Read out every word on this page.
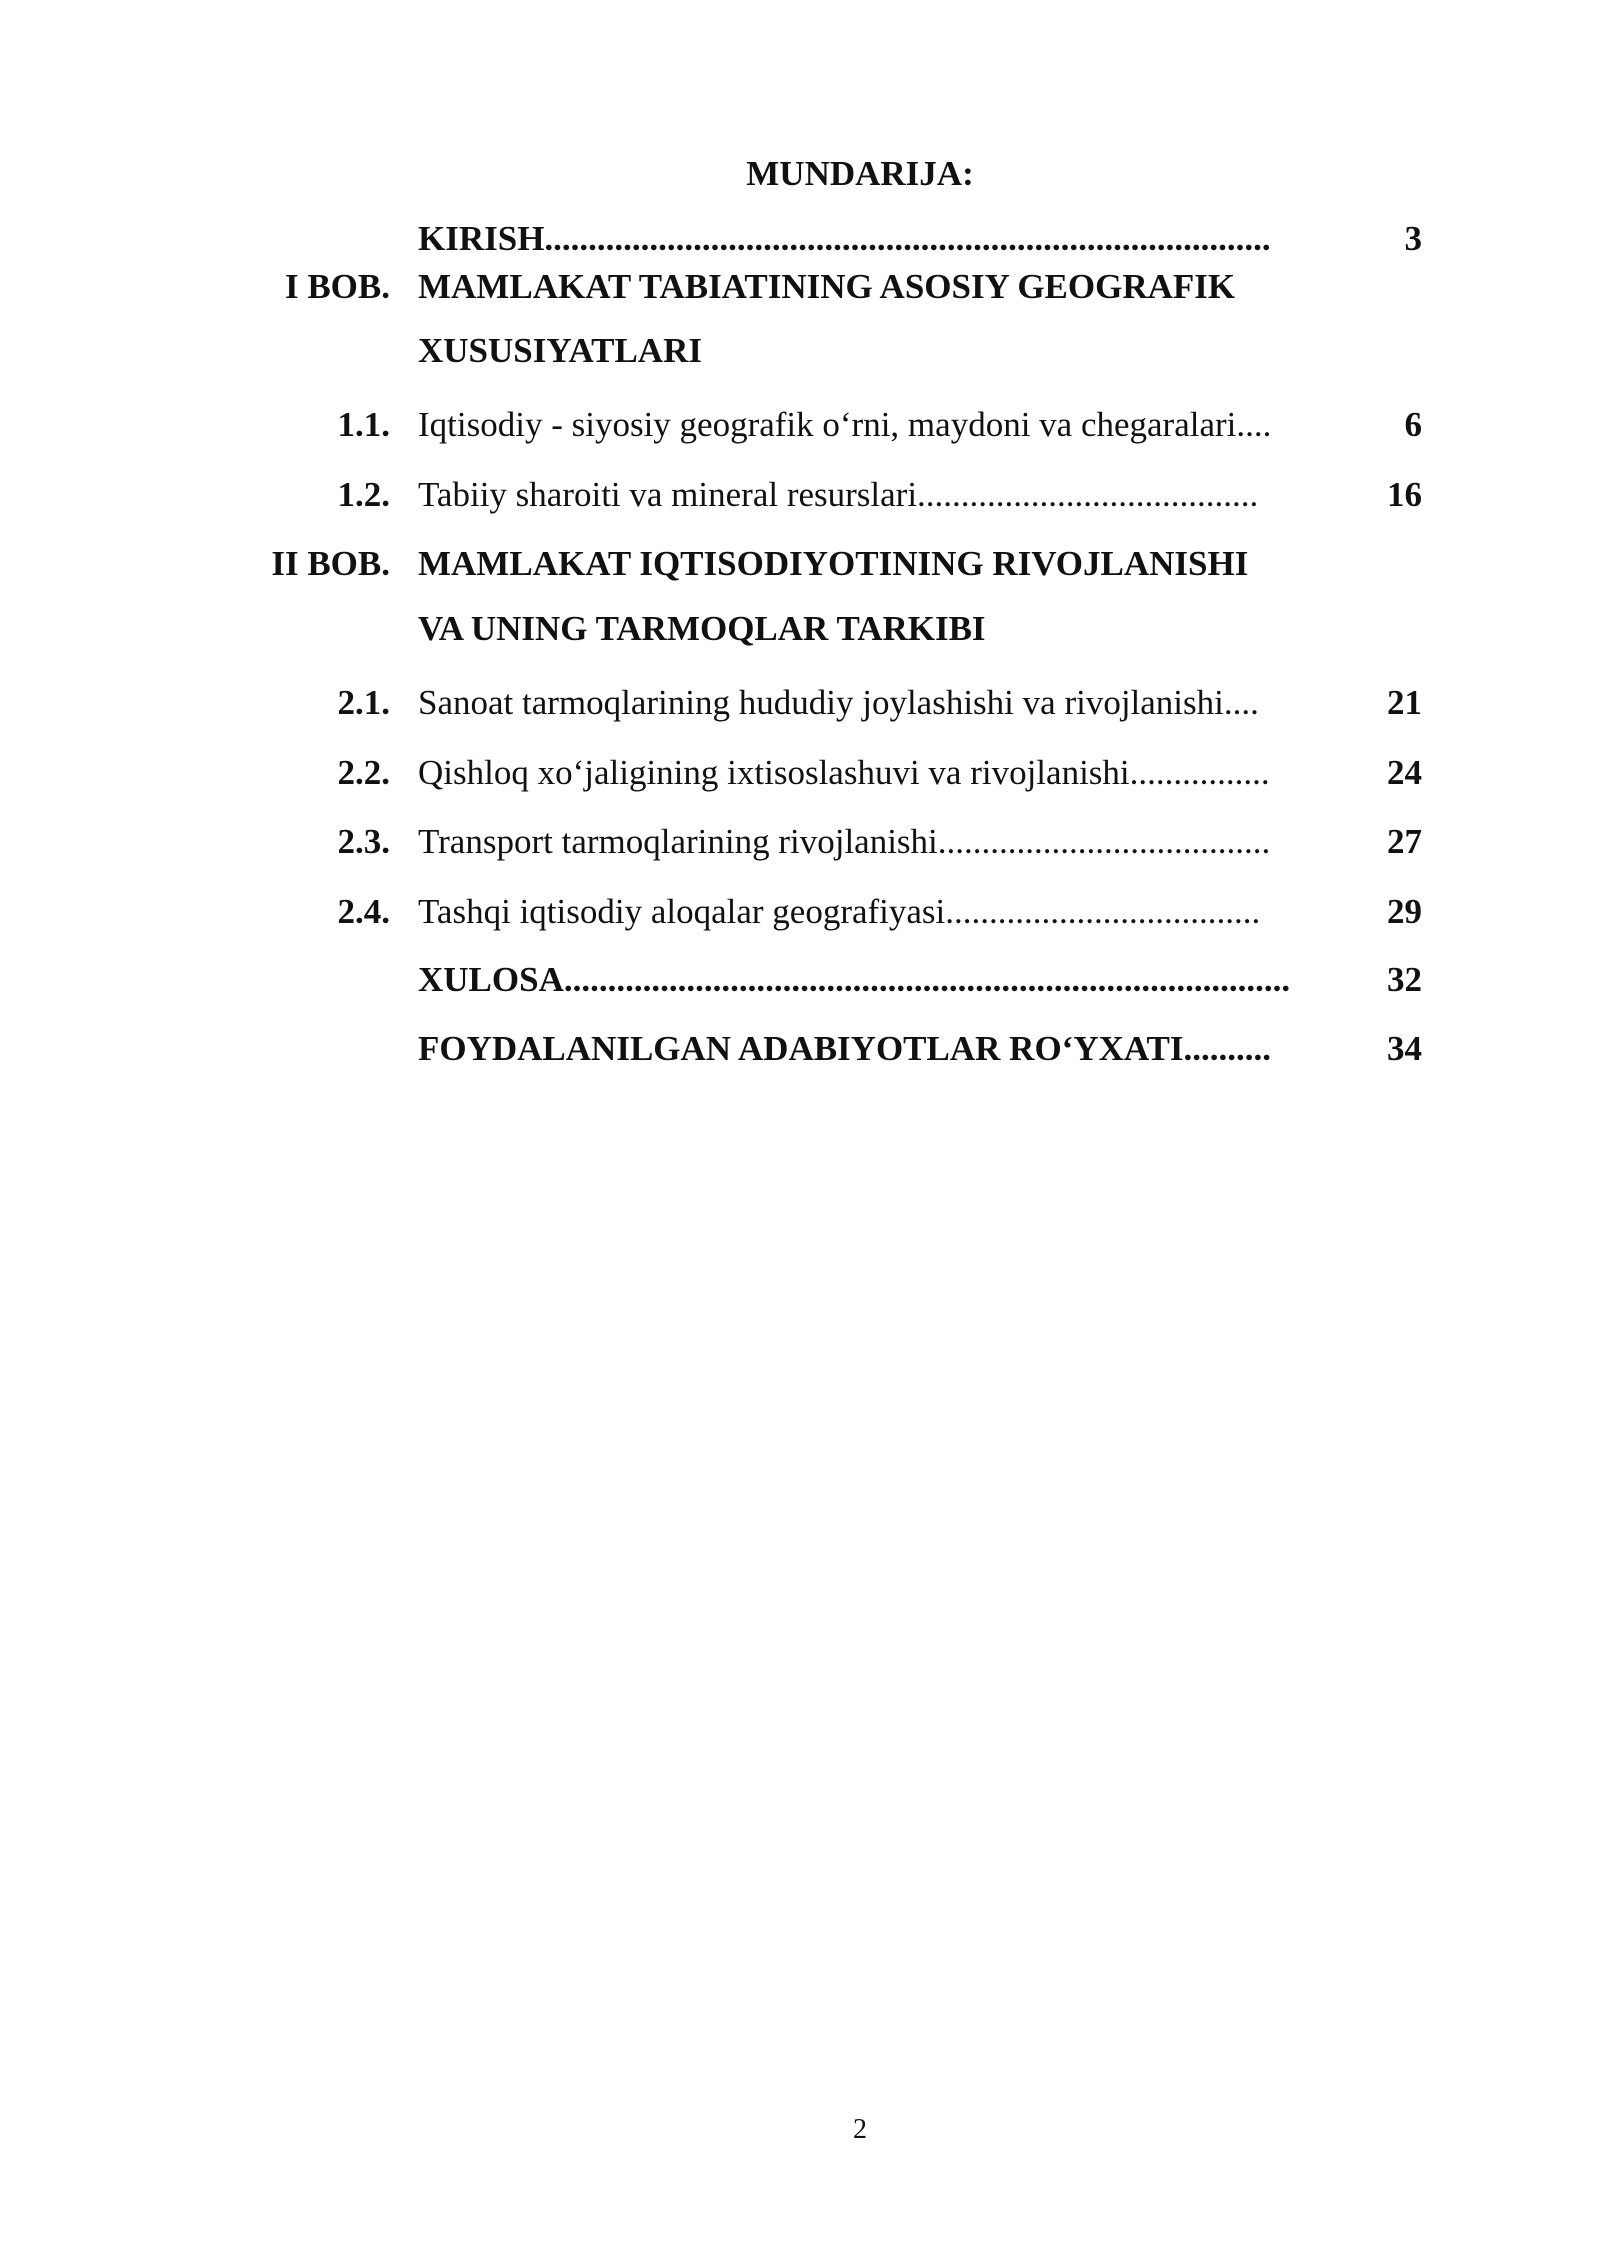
MUNDARIJA:
KIRISH...................................................................................	3
I BOB. MAMLAKAT TABIATINING ASOSIY GEOGRAFIK
XUSUSIYATLARI
1.1. Iqtisodiy - siyosiy geografik o‘rni, maydoni va chegaralari....	6
1.2. Tabiiy sharoiti va mineral resurslari.......................................	16
II BOB. MAMLAKAT IQTISODIYOTINING RIVOJLANISHI
VA UNING TARMOQLAR TARKIBI
2.1. Sanoat tarmoqlarining hududiy joylashishi va rivojlanishi....	21
2.2. Qishloq xo‘jaligining ixtisoslashuvi va rivojlanishi................	24
2.3. Transport tarmoqlarining rivojlanishi......................................	27
2.4. Tashqi iqtisodiy aloqalar geografiyasi....................................	29
XULOSA...................................................................................	32
FOYDALANILGAN ADABIYOTLAR RO‘YXATI..........	34
2
